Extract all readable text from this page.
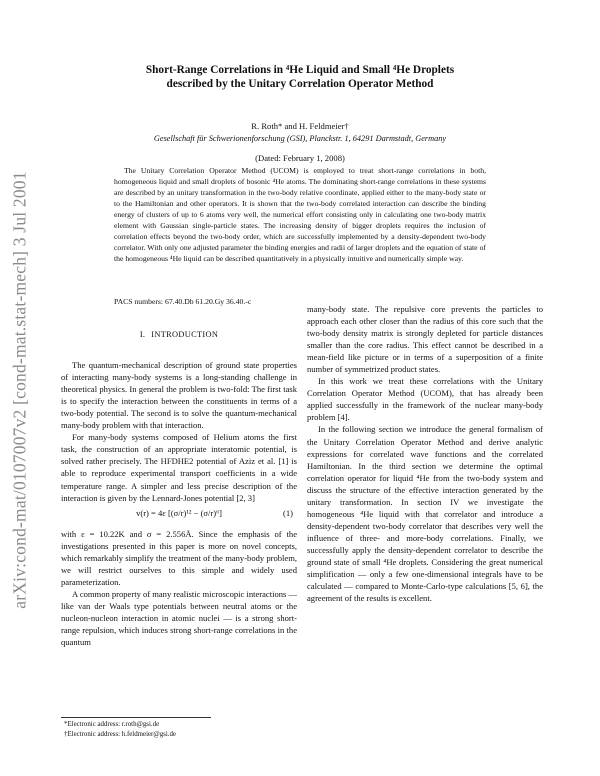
arXiv:cond-mat/0107007v2 [cond-mat.stat-mech] 3 Jul 2001

Short-Range Correlations in ⁴He Liquid and Small ⁴He Droplets

described by the Unitary Correlation Operator Method

R. Roth* and H. Feldmeier†
Gesellschaft für Schwerionenforschung (GSI), Planckstr. 1, 64291 Darmstadt, Germany
(Dated: February 1, 2008)

The Unitary Correlation Operator Method (UCOM) is employed to treat short-range correlations in both, homogeneous liquid and small droplets of bosonic ⁴He atoms. The dominating short-range correlations in these systems are described by an unitary transformation in the two-body relative coordinate, applied either to the many-body state or to the Hamiltonian and other operators. It is shown that the two-body correlated interaction can describe the binding energy of clusters of up to 6 atoms very well, the numerical effort consisting only in calculating one two-body matrix element with Gaussian single-particle states. The increasing density of bigger droplets requires the inclusion of correlation effects beyond the two-body order, which are successfully implemented by a density-dependent two-body correlator. With only one adjusted parameter the binding energies and radii of larger droplets and the equation of state of the homogeneous ⁴He liquid can be described quantitatively in a physically intuitive and numerically simple way.

PACS numbers: 67.40.Db 61.20.Gy 36.40.-c
I. INTRODUCTION

The quantum-mechanical description of ground state properties of interacting many-body systems is a long-standing challenge in theoretical physics. In general the problem is two-fold: The first task is to specify the interaction between the constituents in terms of a two-body potential. The second is to solve the quantum-mechanical many-body problem with that interaction.

For many-body systems composed of Helium atoms the first task, the construction of an appropriate interatomic potential, is solved rather precisely. The HFDHE2 potential of Aziz et al. [1] is able to reproduce experimental transport coefficients in a wide temperature range. A simpler and less precise description of the interaction is given by the Lennard-Jones potential [2, 3]

v(r) = 4ε [(σ/r)¹² − (σ/r)⁶]	(1)

with ε = 10.22K and σ = 2.556Å. Since the emphasis of the investigations presented in this paper is more on novel concepts, which remarkably simplify the treatment of the many-body problem, we will restrict ourselves to this simple and widely used parameterization.

A common property of many realistic microscopic interactions — like van der Waals type potentials between neutral atoms or the nucleon-nucleon interaction in atomic nuclei — is a strong short-range repulsion, which induces strong short-range correlations in the quantum

many-body state. The repulsive core prevents the particles to approach each other closer than the radius of this core such that the two-body density matrix is strongly depleted for particle distances smaller than the core radius. This effect cannot be described in a mean-field like picture or in terms of a superposition of a finite number of symmetrized product states.

In this work we treat these correlations with the Unitary Correlation Operator Method (UCOM), that has already been applied successfully in the framework of the nuclear many-body problem [4].

In the following section we introduce the general formalism of the Unitary Correlation Operator Method and derive analytic expressions for correlated wave functions and the correlated Hamiltonian. In the third section we determine the optimal correlation operator for liquid ⁴He from the two-body system and discuss the structure of the effective interaction generated by the unitary transformation. In section IV we investigate the homogeneous ⁴He liquid with that correlator and introduce a density-dependent two-body correlator that describes very well the influence of three- and more-body correlations. Finally, we successfully apply the density-dependent correlator to describe the ground state of small ⁴He droplets. Considering the great numerical simplification — only a few one-dimensional integrals have to be calculated — compared to Monte-Carlo-type calculations [5, 6], the agreement of the results is excellent.

*Electronic address: r.roth@gsi.de

†Electronic address: h.feldmeier@gsi.de
